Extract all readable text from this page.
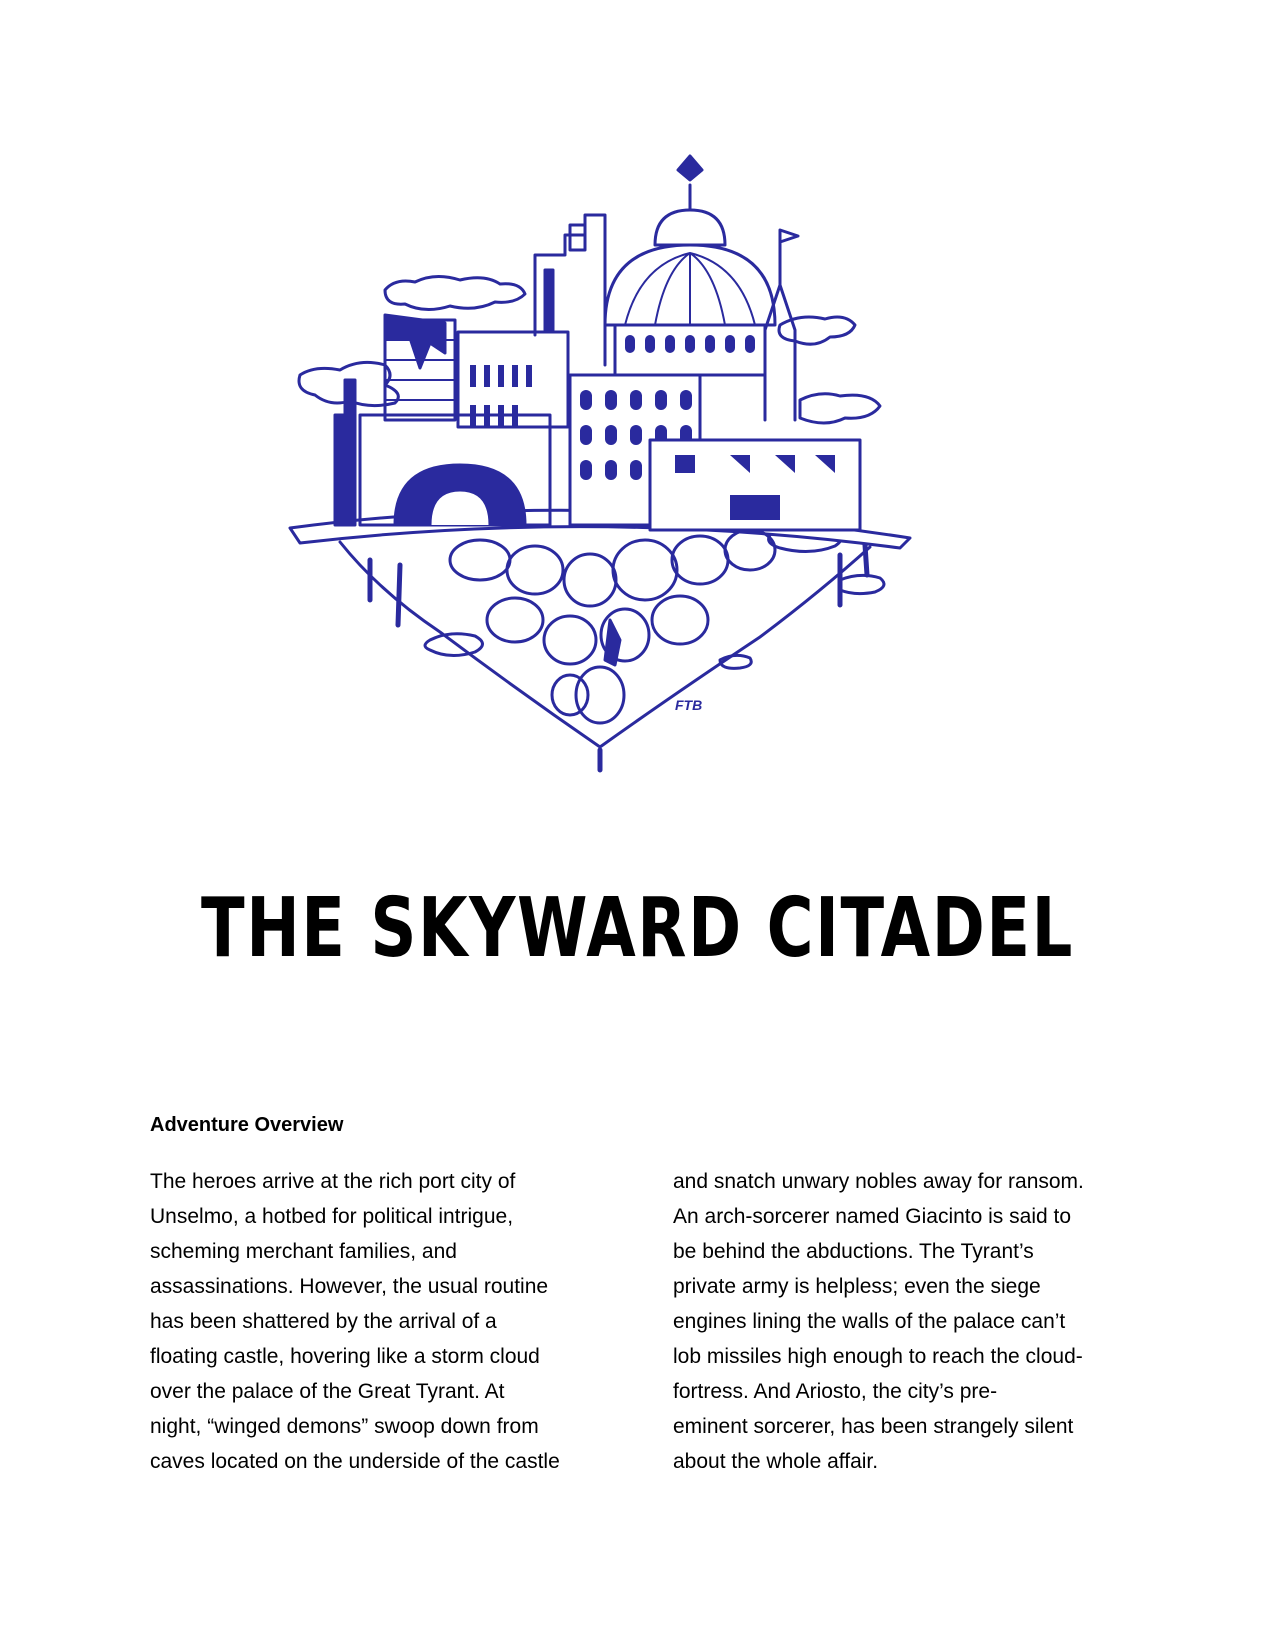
FTB
THE SKYWARD CITADEL
Adventure Overview
The heroes arrive at the rich port city of
Unselmo, a hotbed for political intrigue,
scheming merchant families, and
assassinations. However, the usual routine
has been shattered by the arrival of a
floating castle, hovering like a storm cloud
over the palace of the Great Tyrant. At
night, “winged demons” swoop down from
caves located on the underside of the castle
and snatch unwary nobles away for ransom.
An arch-sorcerer named Giacinto is said to
be behind the abductions. The Tyrant’s
private army is helpless; even the siege
engines lining the walls of the palace can’t
lob missiles high enough to reach the cloud-
fortress. And Ariosto, the city’s pre-
eminent sorcerer, has been strangely silent
about the whole affair.
